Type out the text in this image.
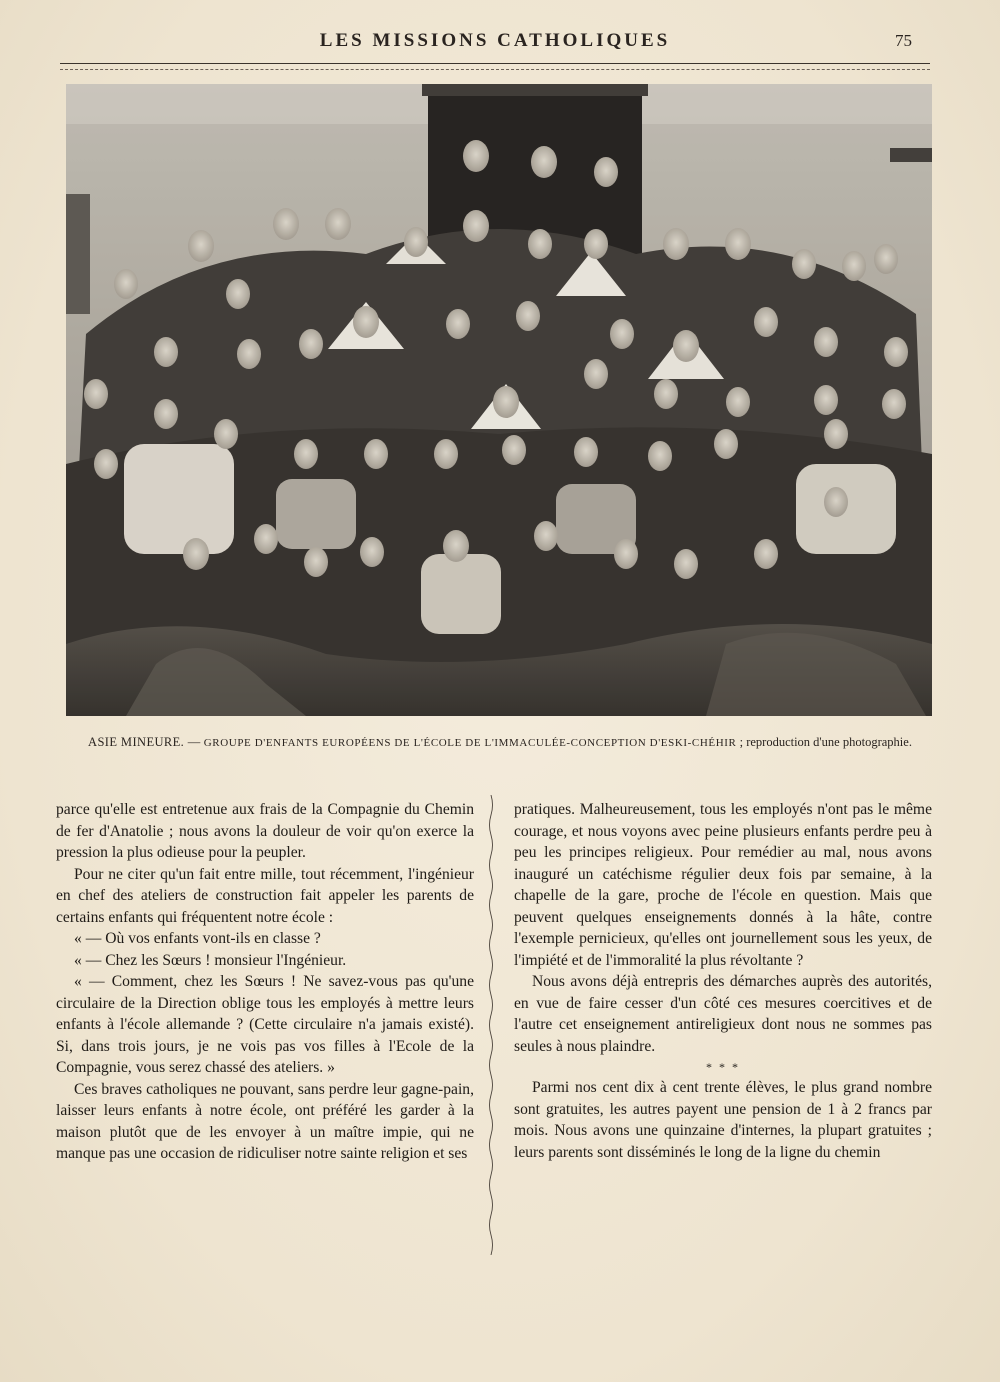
LES MISSIONS CATHOLIQUES	75
ASIE MINEURE. — GROUPE D'ENFANTS EUROPÉENS DE L'ÉCOLE DE L'IMMACULÉE-CONCEPTION D'ESKI-CHÉHIR ; reproduction d'une photographie.

parce qu'elle est entretenue aux frais de la Compagnie du Chemin de fer d'Anatolie ; nous avons la douleur de voir qu'on exerce la pression la plus odieuse pour la peupler.

Pour ne citer qu'un fait entre mille, tout récemment, l'ingénieur en chef des ateliers de construction fait appeler les parents de certains enfants qui fréquentent notre école :

« — Où vos enfants vont-ils en classe ?

« — Chez les Sœurs ! monsieur l'Ingénieur.

« — Comment, chez les Sœurs ! Ne savez-vous pas qu'une circulaire de la Direction oblige tous les employés à mettre leurs enfants à l'école allemande ? (Cette circulaire n'a jamais existé). Si, dans trois jours, je ne vois pas vos filles à l'Ecole de la Compagnie, vous serez chassé des ateliers. »

Ces braves catholiques ne pouvant, sans perdre leur gagne-pain, laisser leurs enfants à notre école, ont préféré les garder à la maison plutôt que de les envoyer à un maître impie, qui ne manque pas une occasion de ridiculiser notre sainte religion et ses

pratiques. Malheureusement, tous les employés n'ont pas le même courage, et nous voyons avec peine plusieurs enfants perdre peu à peu les principes religieux. Pour remédier au mal, nous avons inauguré un catéchisme régulier deux fois par semaine, à la chapelle de la gare, proche de l'école en question. Mais que peuvent quelques enseignements donnés à la hâte, contre l'exemple pernicieux, qu'elles ont journellement sous les yeux, de l'impiété et de l'immoralité la plus révoltante ?

Nous avons déjà entrepris des démarches auprès des autorités, en vue de faire cesser d'un côté ces mesures coercitives et de l'autre cet enseignement antireligieux dont nous ne sommes pas seules à nous plaindre.

* * *

Parmi nos cent dix à cent trente élèves, le plus grand nombre sont gratuites, les autres payent une pension de 1 à 2 francs par mois. Nous avons une quinzaine d'internes, la plupart gratuites ; leurs parents sont disséminés le long de la ligne du chemin
